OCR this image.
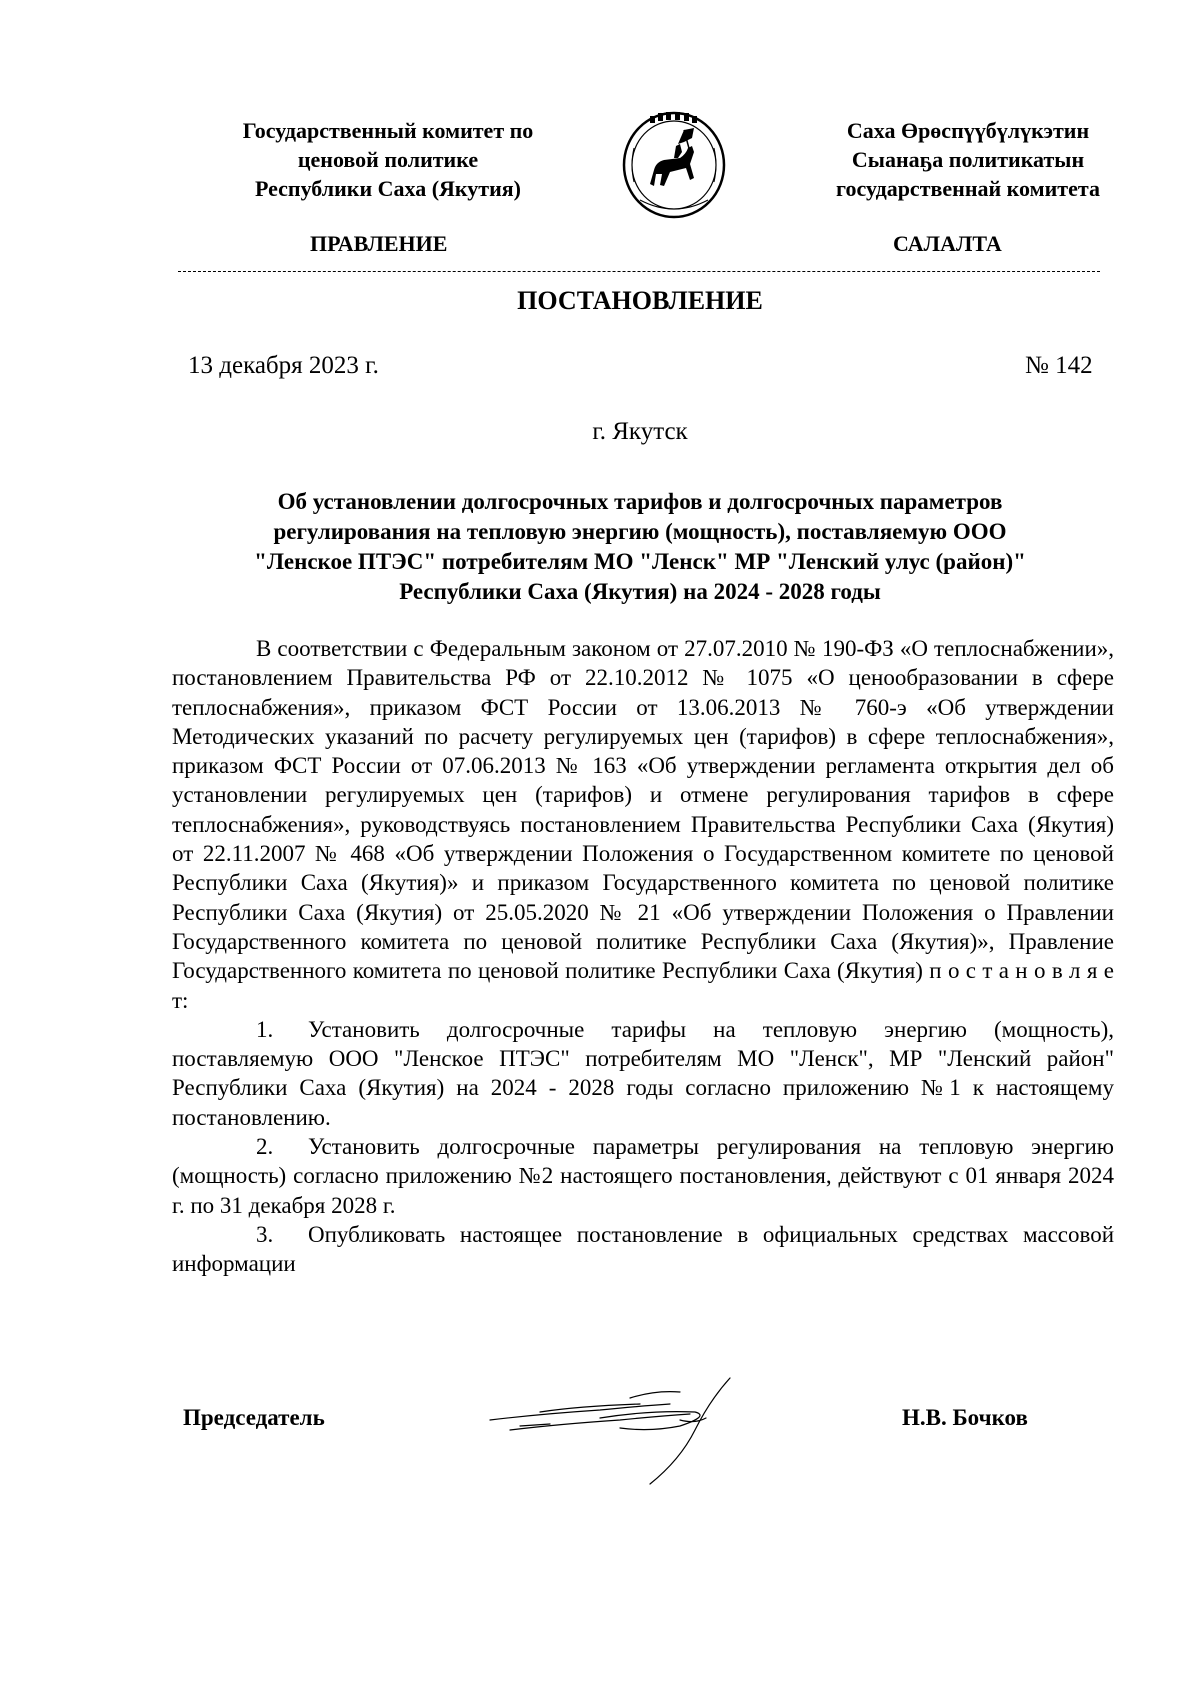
Государственный комитет по
ценовой политике
Республики Саха (Якутия)
Саха Өрөспүүбүлүкэтин
Сыанаҕа политикатын
государственнай комитета
ПРАВЛЕНИЕ	САЛАЛТА
ПОСТАНОВЛЕНИЕ
13 декабря 2023 г.	№ 142
г. Якутск
Об установлении долгосрочных тарифов и долгосрочных параметров
регулирования на тепловую энергию (мощность), поставляемую ООО
"Ленское ПТЭС" потребителям МО "Ленск" МР "Ленский улус (район)"
Республики Саха (Якутия) на 2024 - 2028 годы

В соответствии с Федеральным законом от 27.07.2010 № 190-ФЗ «О теплоснабжении», постановлением Правительства РФ от 22.10.2012 № 1075 «О ценообразовании в сфере теплоснабжения», приказом ФСТ России от 13.06.2013 № 760-э «Об утверждении Методических указаний по расчету регулируемых цен (тарифов) в сфере теплоснабжения», приказом ФСТ России от 07.06.2013 № 163 «Об утверждении регламента открытия дел об установлении регулируемых цен (тарифов) и отмене регулирования тарифов в сфере теплоснабжения», руководствуясь постановлением Правительства Республики Саха (Якутия) от 22.11.2007 № 468 «Об утверждении Положения о Государственном комитете по ценовой Республики Саха (Якутия)» и приказом Государственного комитета по ценовой политике Республики Саха (Якутия) от 25.05.2020 № 21 «Об утверждении Положения о Правлении Государственного комитета по ценовой политике Республики Саха (Якутия)», Правление Государственного комитета по ценовой политике Республики Саха (Якутия) п о с т а н о в л я е т:

1. Установить долгосрочные тарифы на тепловую энергию (мощность), поставляемую ООО "Ленское ПТЭС" потребителям МО "Ленск", МР "Ленский район" Республики Саха (Якутия) на 2024 - 2028 годы согласно приложению №1 к настоящему постановлению.

2. Установить долгосрочные параметры регулирования на тепловую энергию (мощность) согласно приложению №2 настоящего постановления, действуют с 01 января 2024 г. по 31 декабря 2028 г.

3. Опубликовать настоящее постановление в официальных средствах массовой информации

Председатель	Н.В. Бочков
